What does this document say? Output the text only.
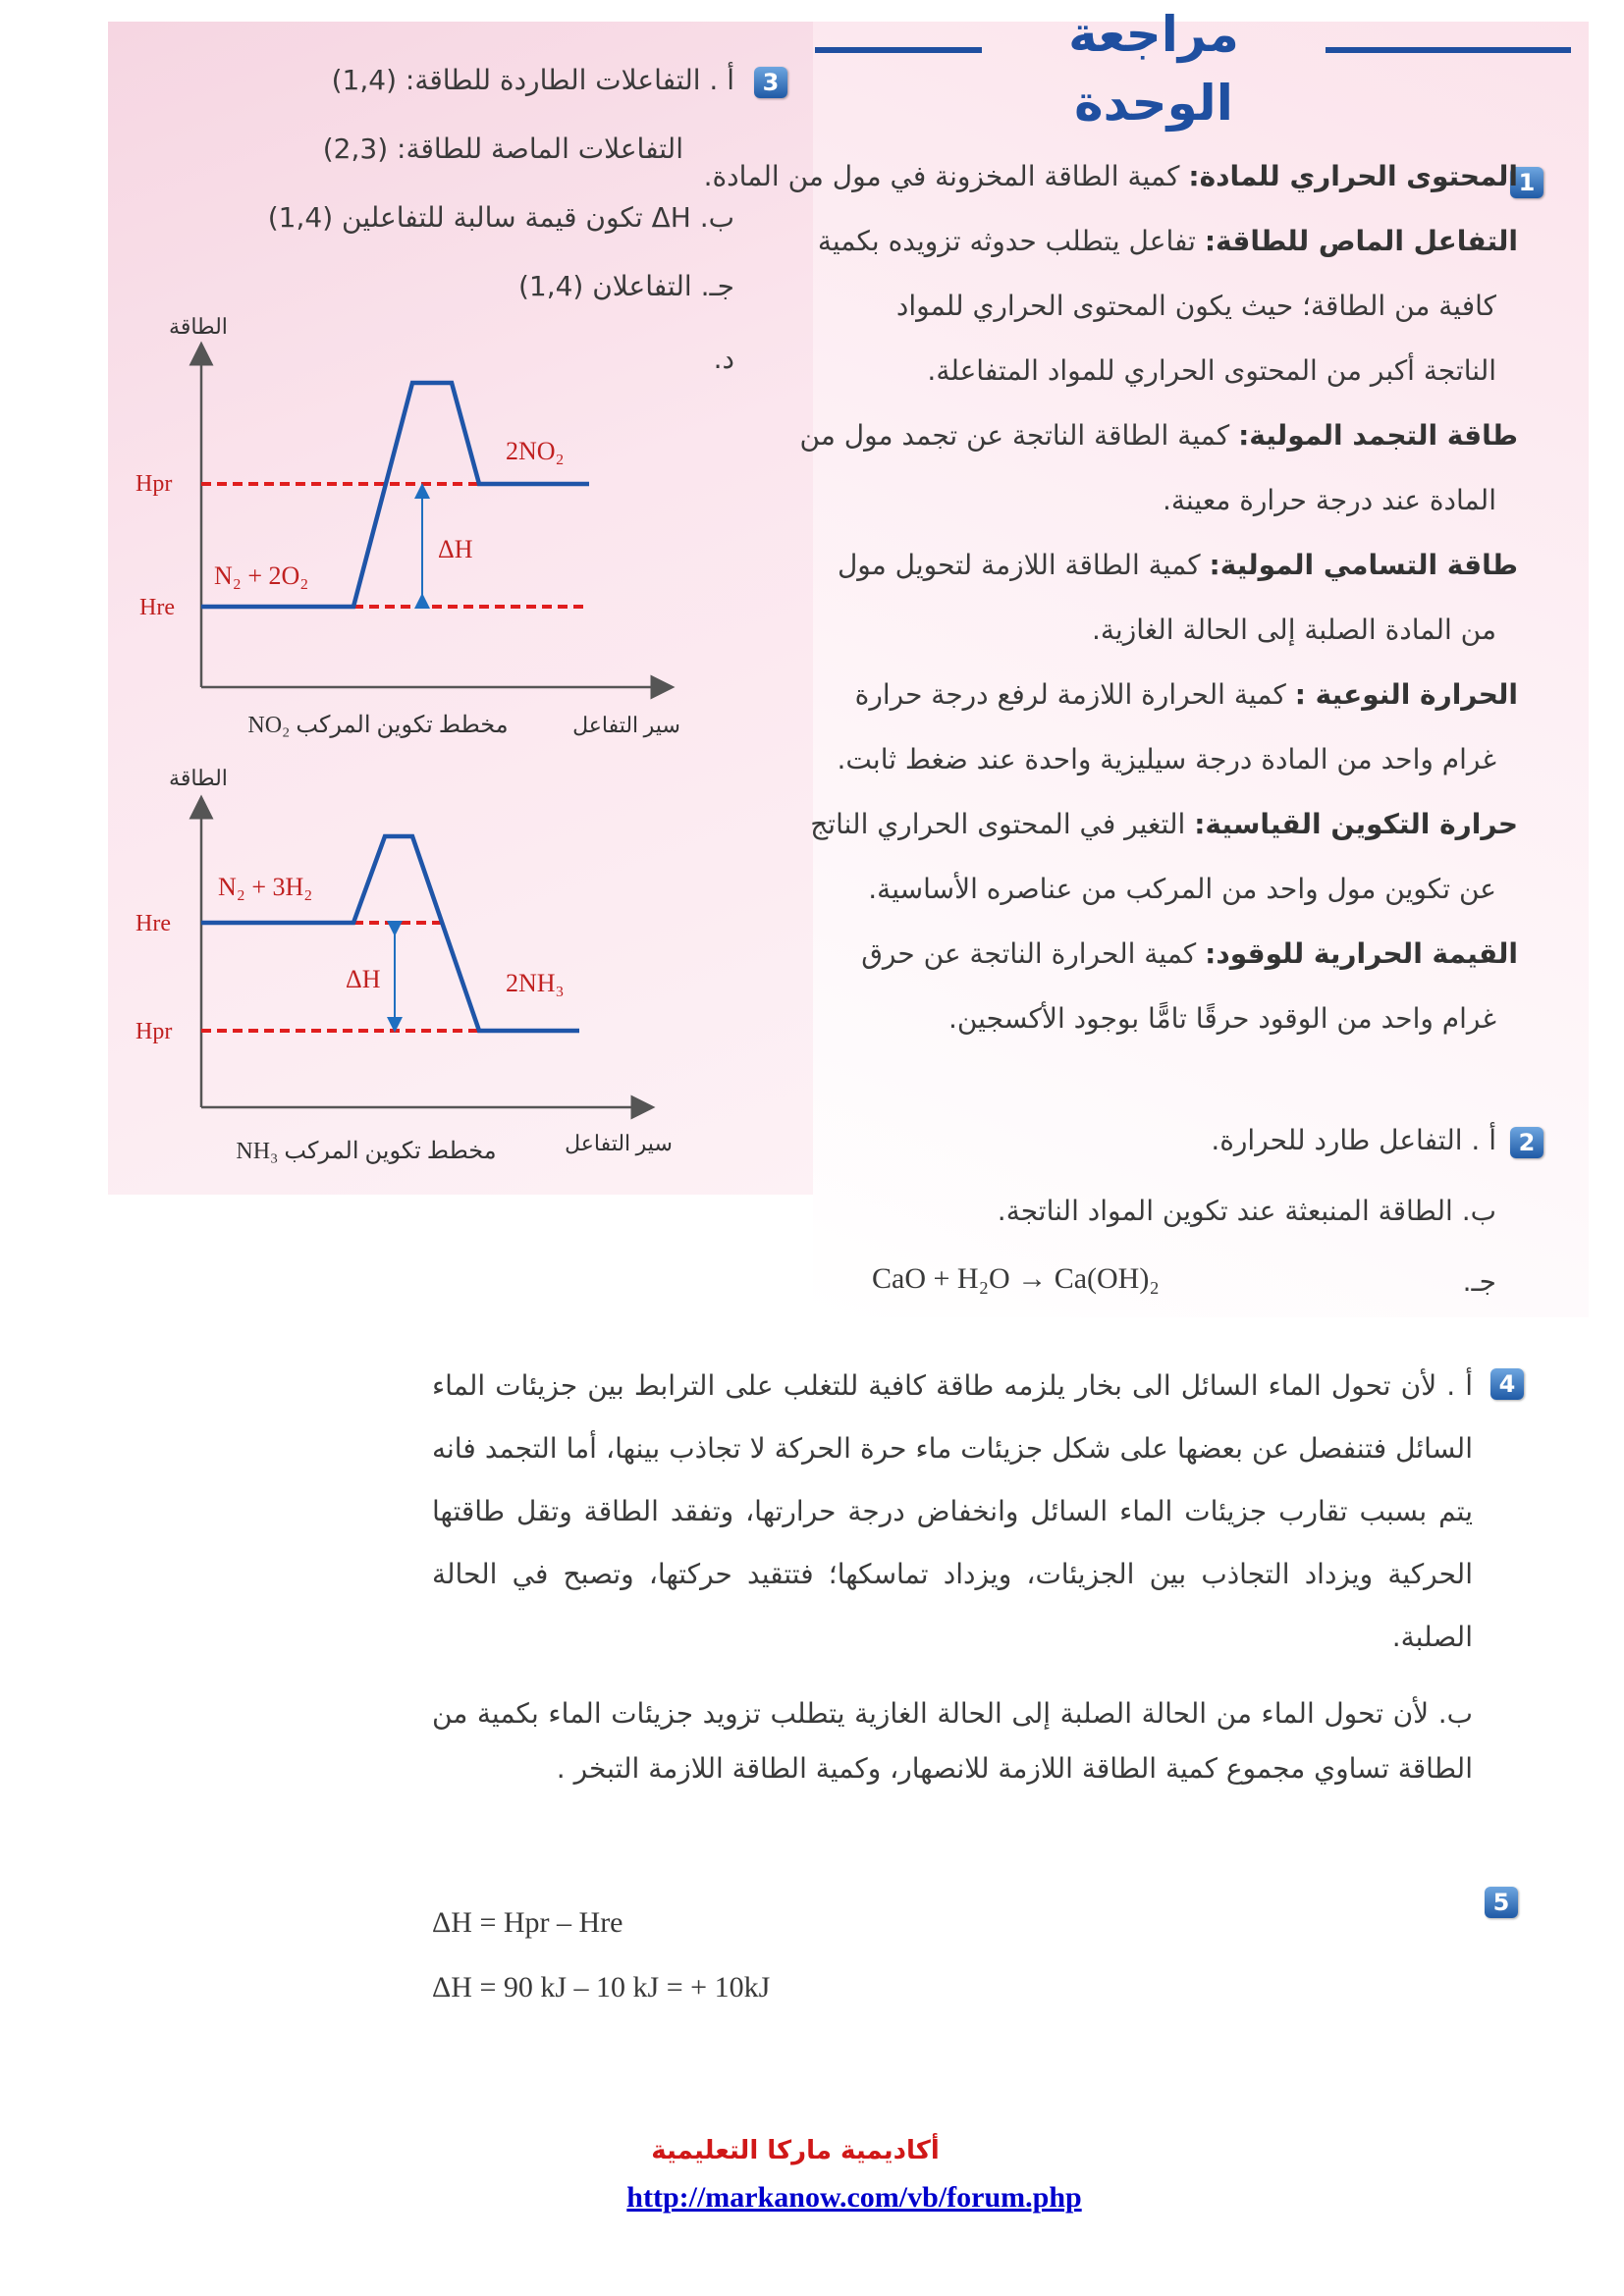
مراجعة الوحدة
1
المحتوى الحراري للمادة: كمية الطاقة المخزونة في مول من المادة.
التفاعل الماص للطاقة: تفاعل يتطلب حدوثه تزويده بكمية
كافية من الطاقة؛ حيث يكون المحتوى الحراري للمواد
الناتجة أكبر من المحتوى الحراري للمواد المتفاعلة.
طاقة التجمد المولية: كمية الطاقة الناتجة عن تجمد مول من
المادة عند درجة حرارة معينة.
طاقة التسامي المولية: كمية الطاقة اللازمة لتحويل مول
من المادة الصلبة إلى الحالة الغازية.
الحرارة النوعية : كمية الحرارة اللازمة لرفع درجة حرارة
غرام واحد من المادة درجة سيليزية واحدة عند ضغط ثابت.
حرارة التكوين القياسية: التغير في المحتوى الحراري الناتج
عن تكوين مول واحد من المركب من عناصره الأساسية.
القيمة الحرارية للوقود: كمية الحرارة الناتجة عن حرق
غرام واحد من الوقود حرقًا تامًّا بوجود الأكسجين.
2
أ . التفاعل طارد للحرارة.
ب. الطاقة المنبعثة عند تكوين المواد الناتجة.
جـ.
CaO + H₂O → Ca(OH)₂
3
أ . التفاعلات الطاردة للطاقة: (1,4)
التفاعلات الماصة للطاقة: (2,3)
ب. ΔH تكون قيمة سالبة للتفاعلين (1,4)
جـ. التفاعلان (1,4)
د.
الطاقة
Hpr
Hre
N₂ + 2O₂
2NO₂
ΔH
سير التفاعل
مخطط تكوين المركب NO₂
الطاقة
Hre
Hpr
N₂ + 3H₂
2NH₃
ΔH
سير التفاعل
مخطط تكوين المركب NH₃
4
أ . لأن تحول الماء السائل الى بخار يلزمه طاقة كافية للتغلب على الترابط بين جزيئات الماء السائل فتنفصل عن بعضها على شكل جزيئات ماء حرة الحركة لا تجاذب بينها، أما التجمد فانه يتم بسبب تقارب جزيئات الماء السائل وانخفاض درجة حرارتها، وتفقد الطاقة وتقل طاقتها الحركية ويزداد التجاذب بين الجزيئات، ويزداد تماسكها؛ فتتقيد حركتها، وتصبح في الحالة الصلبة.
ب. لأن تحول الماء من الحالة الصلبة إلى الحالة الغازية يتطلب تزويد جزيئات الماء بكمية من الطاقة تساوي مجموع كمية الطاقة اللازمة للانصهار، وكمية الطاقة اللازمة التبخر .
5
ΔH = Hpr – Hre
ΔH = 90 kJ – 10 kJ = + 10kJ
أكاديمية ماركا التعليمية
http://markanow.com/vb/forum.php
